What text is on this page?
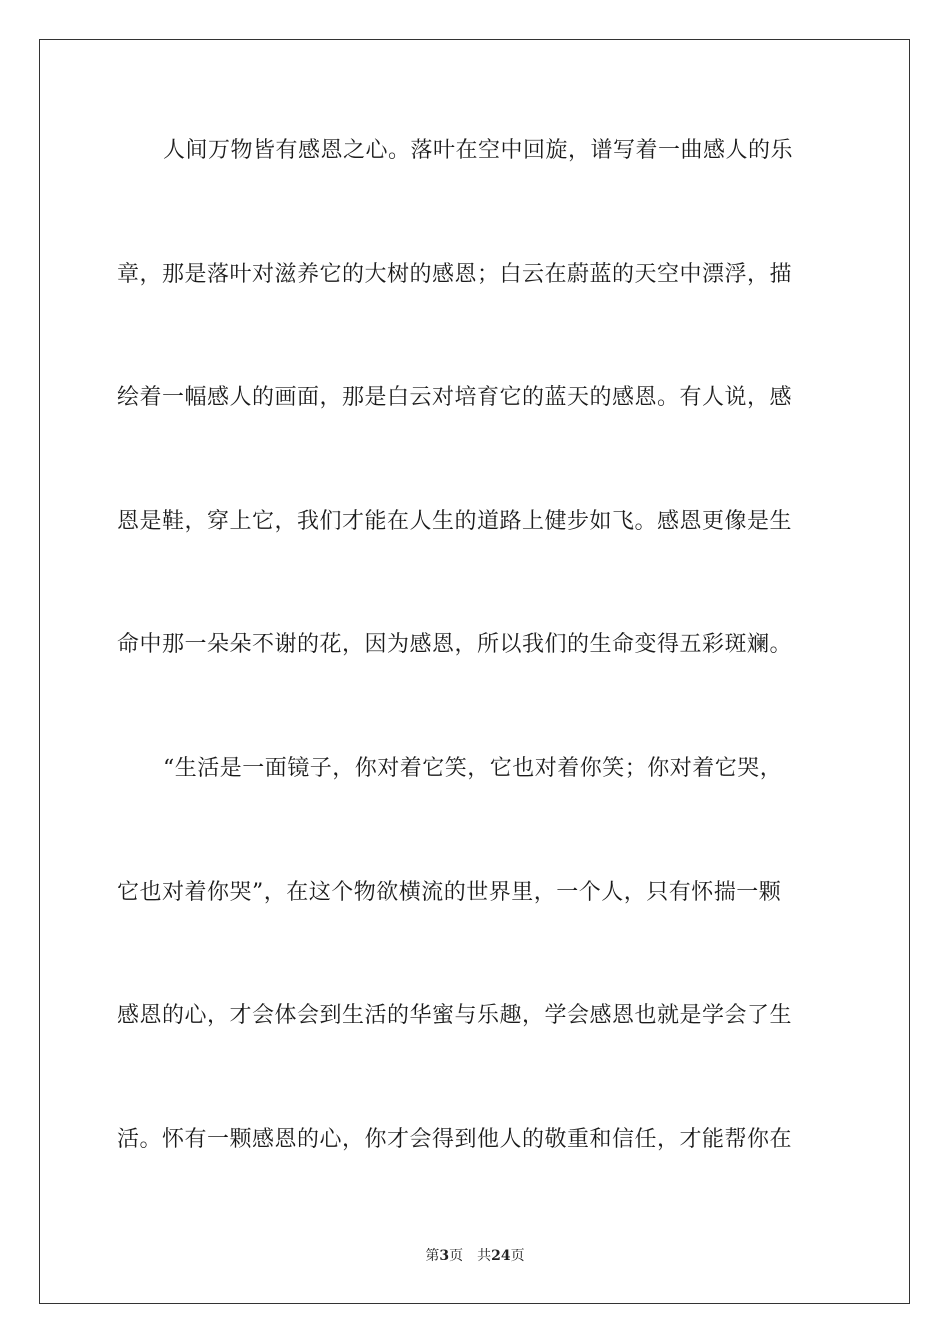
人间万物皆有感恩之心。落叶在空中回旋，谱写着一曲感人的乐
章，那是落叶对滋养它的大树的感恩；白云在蔚蓝的天空中漂浮，描
绘着一幅感人的画面，那是白云对培育它的蓝天的感恩。有人说，感
恩是鞋，穿上它，我们才能在人生的道路上健步如飞。感恩更像是生
命中那一朵朵不谢的花，因为感恩，所以我们的生命变得五彩斑斓。
“生活是一面镜子，你对着它笑，它也对着你笑；你对着它哭，
它也对着你哭”，在这个物欲横流的世界里，一个人，只有怀揣一颗
感恩的心，才会体会到生活的华蜜与乐趣，学会感恩也就是学会了生
活。怀有一颗感恩的心，你才会得到他人的敬重和信任，才能帮你在
第3页 共24页
